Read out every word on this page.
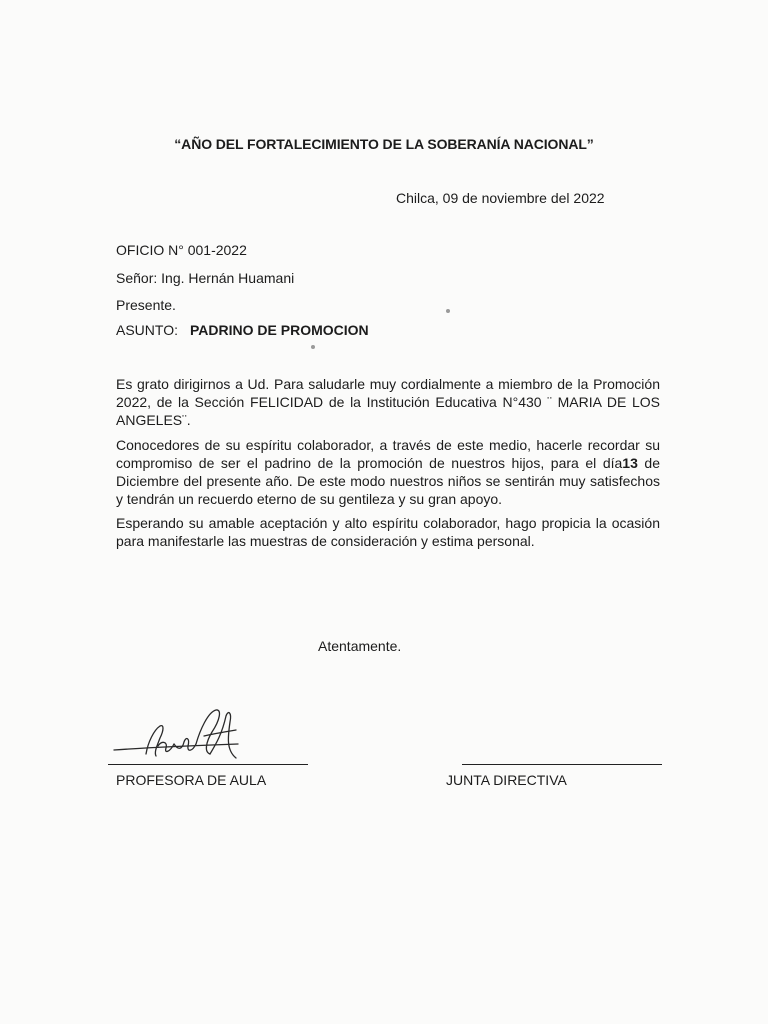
“AÑO DEL FORTALECIMIENTO DE LA SOBERANÍA NACIONAL”
Chilca, 09 de noviembre del 2022
OFICIO N° 001-2022
Señor: Ing. Hernán Huamani
Presente.
ASUNTO: PADRINO DE PROMOCION
Es grato dirigirnos a Ud. Para saludarle muy cordialmente a miembro de la Promoción 2022, de la Sección FELICIDAD de la Institución Educativa N°430 ¨ MARIA DE LOS ANGELES¨.
Conocedores de su espíritu colaborador, a través de este medio, hacerle recordar su compromiso de ser el padrino de la promoción de nuestros hijos, para el día13 de Diciembre del presente año. De este modo nuestros niños se sentirán muy satisfechos y tendrán un recuerdo eterno de su gentileza y su gran apoyo.
Esperando su amable aceptación y alto espíritu colaborador, hago propicia la ocasión para manifestarle las muestras de consideración y estima personal.
Atentamente.
PROFESORA DE AULA	JUNTA DIRECTIVA
